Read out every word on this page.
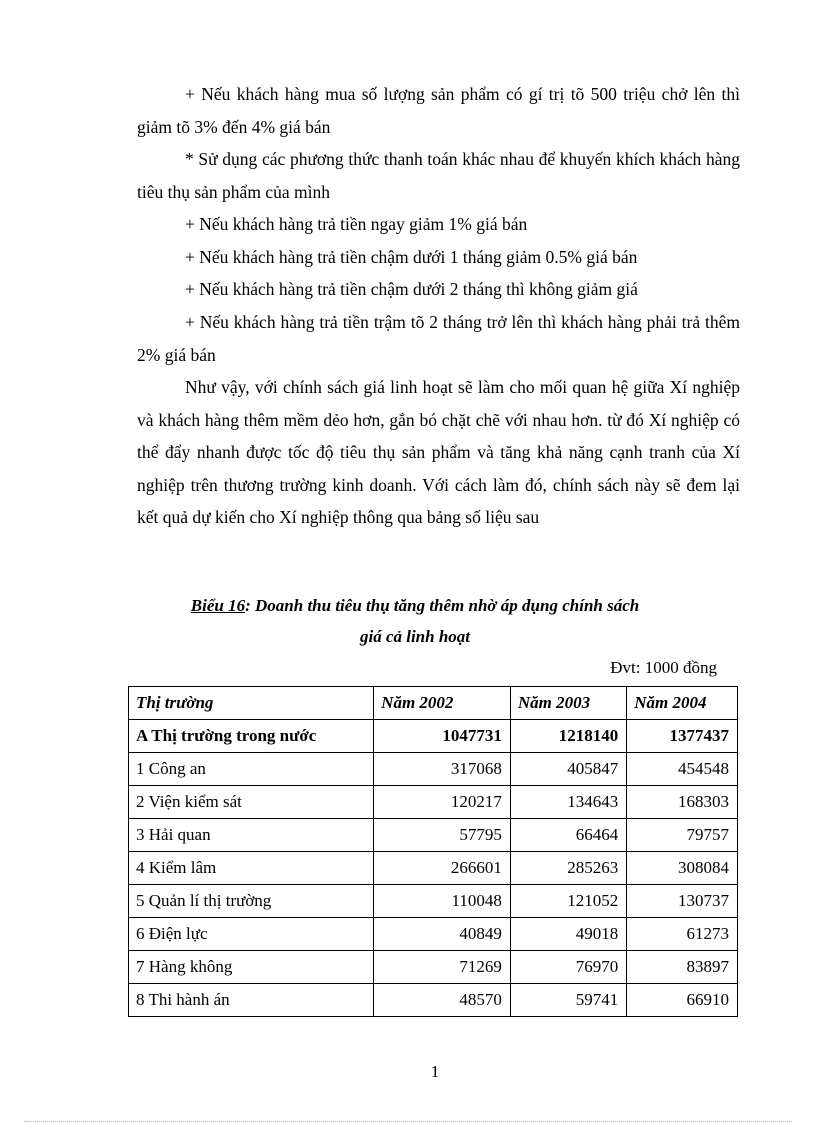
+ Nếu khách hàng mua số lượng sản phẩm có gí trị tõ 500 triệu chở lên thì giảm tõ 3% đến 4% giá bán

* Sử dụng các phương thức thanh toán khác nhau để khuyến khích khách hàng tiêu thụ sản phẩm của mình

+ Nếu khách hàng trả tiền ngay giảm 1% giá bán

+ Nếu khách hàng trả tiền chậm dưới 1 tháng giảm 0.5% giá bán

+ Nếu khách hàng trả tiền chậm dưới 2 tháng thì không giảm giá

+ Nếu khách hàng trả tiền trậm tõ 2 tháng trở lên thì khách hàng phải trả thêm 2% giá bán

Như vậy, với chính sách giá linh hoạt sẽ làm cho mối quan hệ giữa Xí nghiệp và khách hàng thêm mềm dẻo hơn, gắn bó chặt chẽ với nhau hơn. từ đó Xí nghiệp có thể đẩy nhanh được tốc độ tiêu thụ sản phẩm và tăng khả năng cạnh tranh của Xí nghiệp trên thương trường kinh doanh. Với cách làm đó, chính sách này sẽ đem lại kết quả dự kiến cho Xí nghiệp thông qua bảng số liệu sau

Biểu 16: Doanh thu tiêu thụ tăng thêm nhờ áp dụng chính sách
giá cả linh hoạt
Đvt: 1000 đồng
Thị trường	Năm 2002	Năm 2003	Năm 2004
A Thị trường trong nước	1047731	1218140	1377437
1 Công an	317068	405847	454548
2 Viện kiểm sát	120217	134643	168303
3 Hải quan	57795	66464	79757
4 Kiểm lâm	266601	285263	308084
5 Quản lí thị trường	110048	121052	130737
6 Điện lực	40849	49018	61273
7 Hàng không	71269	76970	83897
8 Thi hành án	48570	59741	66910
1
